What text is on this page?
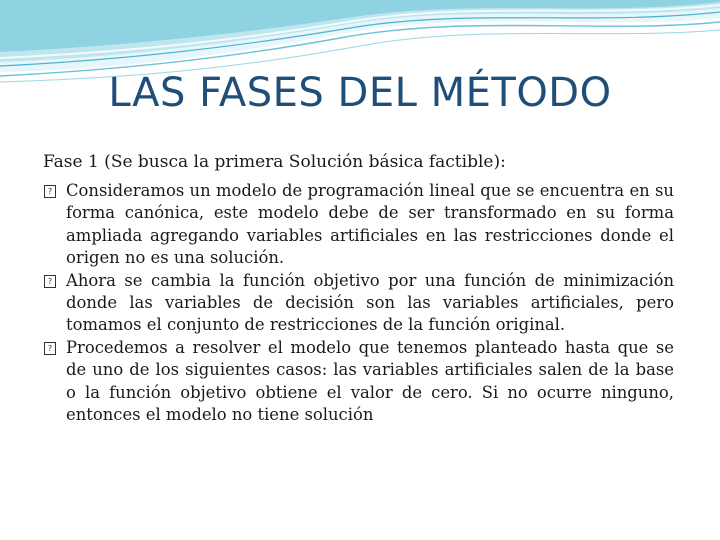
LAS FASES DEL MÉTODO

Fase 1 (Se busca la primera Solución básica factible):

? Consideramos un modelo de programación lineal que se encuentra en su forma canónica, este modelo debe de ser transformado en su forma ampliada agregando variables artificiales en las restricciones donde el origen no es una solución.
? Ahora se cambia la función objetivo por una función de minimización donde las variables de decisión son las variables artificiales, pero tomamos el conjunto de restricciones de la función original.
? Procedemos a resolver el modelo que tenemos planteado hasta que se de uno de los siguientes casos: las variables artificiales salen de la base o la función objetivo obtiene el valor de cero. Si no ocurre ninguno, entonces el modelo no tiene solución
